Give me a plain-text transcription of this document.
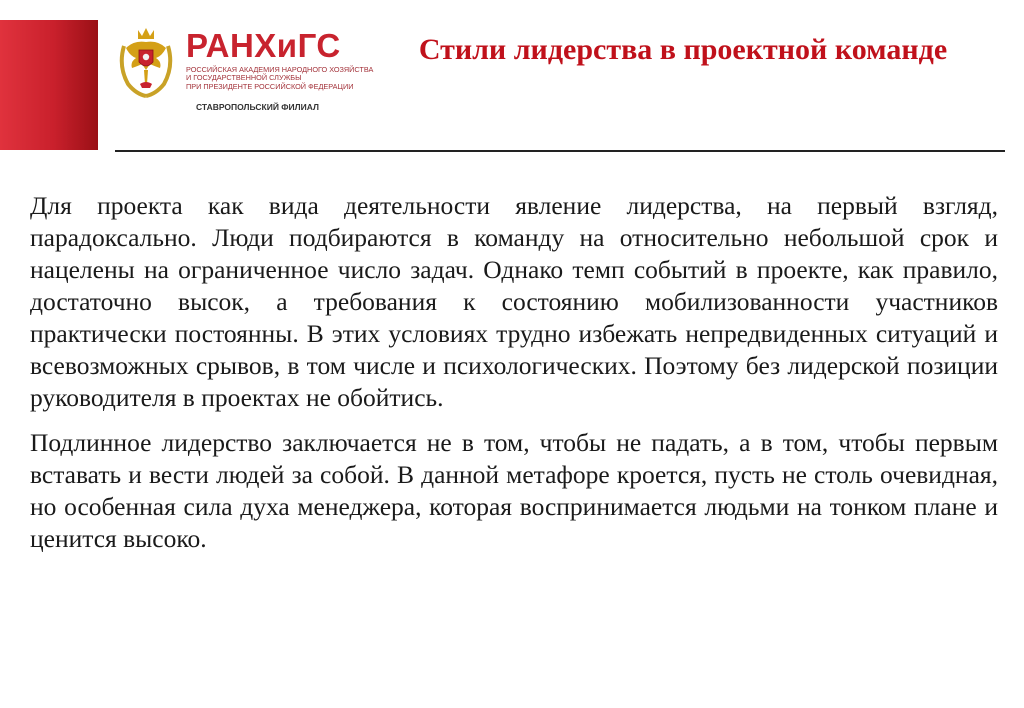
РАНХиГС
РОССИЙСКАЯ АКАДЕМИЯ НАРОДНОГО ХОЗЯЙСТВА
И ГОСУДАРСТВЕННОЙ СЛУЖБЫ
ПРИ ПРЕЗИДЕНТЕ РОССИЙСКОЙ ФЕДЕРАЦИИ
СТАВРОПОЛЬСКИЙ ФИЛИАЛ
Стили лидерства в проектной команде

Для проекта как вида деятельности явление лидерства, на первый взгляд, парадоксально. Люди подбираются в команду на относительно небольшой срок и нацелены на ограниченное число задач. Однако темп событий в проекте, как правило, достаточно высок, а требования к состоянию мобилизованности участников практически постоянны. В этих условиях трудно избежать непредвиденных ситуаций и всевозможных срывов, в том числе и психологических. Поэтому без лидерской позиции руководителя в проектах не обойтись.

Подлинное лидерство заключается не в том, чтобы не падать, а в том, чтобы первым вставать и вести людей за собой. В данной метафоре кроется, пусть не столь очевидная, но особенная сила духа менеджера, которая воспринимается людьми на тонком плане и ценится высоко.
